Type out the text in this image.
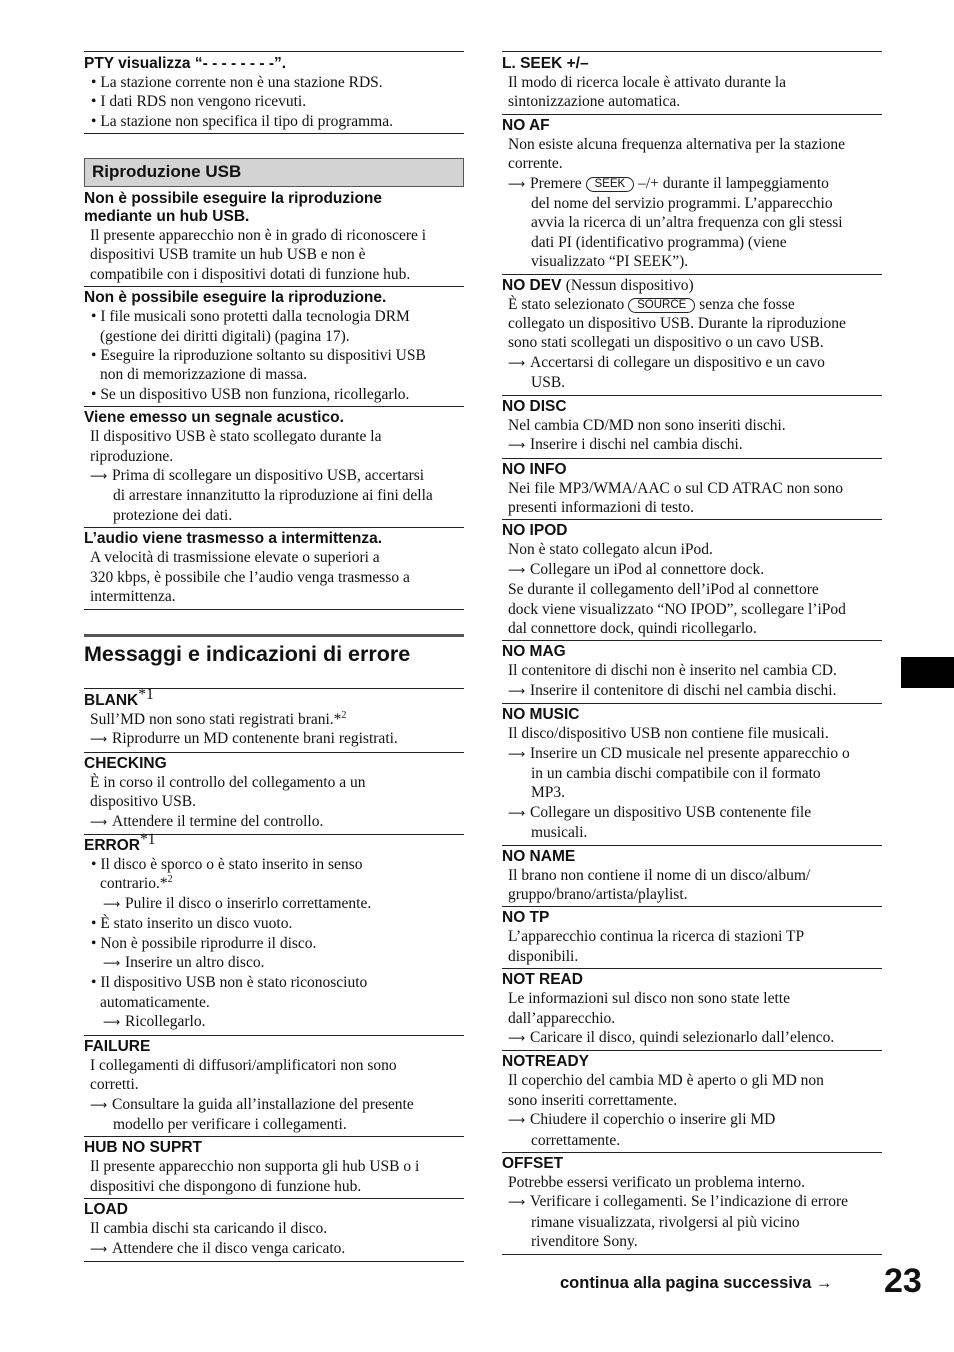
Riproduzione USB
Messaggi e indicazioni di errore
PTY visualizza “- - - - - - - -”.
• La stazione corrente non è una stazione RDS.
• I dati RDS non vengono ricevuti.
• La stazione non specifica il tipo di programma.
Non è possibile eseguire la riproduzione
mediante un hub USB.
Il presente apparecchio non è in grado di riconoscere i
dispositivi USB tramite un hub USB e non è
compatibile con i dispositivi dotati di funzione hub.
Non è possibile eseguire la riproduzione.
• I file musicali sono protetti dalla tecnologia DRM
(gestione dei diritti digitali) (pagina 17).
• Eseguire la riproduzione soltanto su dispositivi USB
non di memorizzazione di massa.
• Se un dispositivo USB non funziona, ricollegarlo.
Viene emesso un segnale acustico.
Il dispositivo USB è stato scollegato durante la
riproduzione.
⟶ Prima di scollegare un dispositivo USB, accertarsi
di arrestare innanzitutto la riproduzione ai fini della
protezione dei dati.
L’audio viene trasmesso a intermittenza.
A velocità di trasmissione elevate o superiori a
320 kbps, è possibile che l’audio venga trasmesso a
intermittenza.
BLANK*1
Sull’MD non sono stati registrati brani.*$^2$
⟶ Riprodurre un MD contenente brani registrati.
CHECKING
È in corso il controllo del collegamento a un
dispositivo USB.
⟶ Attendere il termine del controllo.
ERROR*1
• Il disco è sporco o è stato inserito in senso
contrario.*$^2$
⟶ Pulire il disco o inserirlo correttamente.
• È stato inserito un disco vuoto.
• Non è possibile riprodurre il disco.
⟶ Inserire un altro disco.
• Il dispositivo USB non è stato riconosciuto
automaticamente.
⟶ Ricollegarlo.
FAILURE
I collegamenti di diffusori/amplificatori non sono
corretti.
⟶ Consultare la guida all’installazione del presente
modello per verificare i collegamenti.
HUB NO SUPRT
Il presente apparecchio non supporta gli hub USB o i
dispositivi che dispongono di funzione hub.
LOAD
Il cambia dischi sta caricando il disco.
⟶ Attendere che il disco venga caricato.
L. SEEK +/–
Il modo di ricerca locale è attivato durante la
sintonizzazione automatica.
NO AF
Non esiste alcuna frequenza alternativa per la stazione
corrente.
⟶ Premere SEEK –/+ durante il lampeggiamento
del nome del servizio programmi. L’apparecchio
avvia la ricerca di un’altra frequenza con gli stessi
dati PI (identificativo programma) (viene
visualizzato “PI SEEK”).
NO DEV (Nessun dispositivo)
È stato selezionato SOURCE senza che fosse
collegato un dispositivo USB. Durante la riproduzione
sono stati scollegati un dispositivo o un cavo USB.
⟶ Accertarsi di collegare un dispositivo e un cavo
USB.
NO DISC
Nel cambia CD/MD non sono inseriti dischi.
⟶ Inserire i dischi nel cambia dischi.
NO INFO
Nei file MP3/WMA/AAC o sul CD ATRAC non sono
presenti informazioni di testo.
NO IPOD
Non è stato collegato alcun iPod.
⟶ Collegare un iPod al connettore dock.
Se durante il collegamento dell’iPod al connettore
dock viene visualizzato “NO IPOD”, scollegare l’iPod
dal connettore dock, quindi ricollegarlo.
NO MAG
Il contenitore di dischi non è inserito nel cambia CD.
⟶ Inserire il contenitore di dischi nel cambia dischi.
NO MUSIC
Il disco/dispositivo USB non contiene file musicali.
⟶ Inserire un CD musicale nel presente apparecchio o
in un cambia dischi compatibile con il formato
MP3.
⟶ Collegare un dispositivo USB contenente file
musicali.
NO NAME
Il brano non contiene il nome di un disco/album/
gruppo/brano/artista/playlist.
NO TP
L’apparecchio continua la ricerca di stazioni TP
disponibili.
NOT READ
Le informazioni sul disco non sono state lette
dall’apparecchio.
⟶ Caricare il disco, quindi selezionarlo dall’elenco.
NOTREADY
Il coperchio del cambia MD è aperto o gli MD non
sono inseriti correttamente.
⟶ Chiudere il coperchio o inserire gli MD
correttamente.
OFFSET
Potrebbe essersi verificato un problema interno.
⟶ Verificare i collegamenti. Se l’indicazione di errore
rimane visualizzata, rivolgersi al più vicino
rivenditore Sony.
continua alla pagina successiva → 23
